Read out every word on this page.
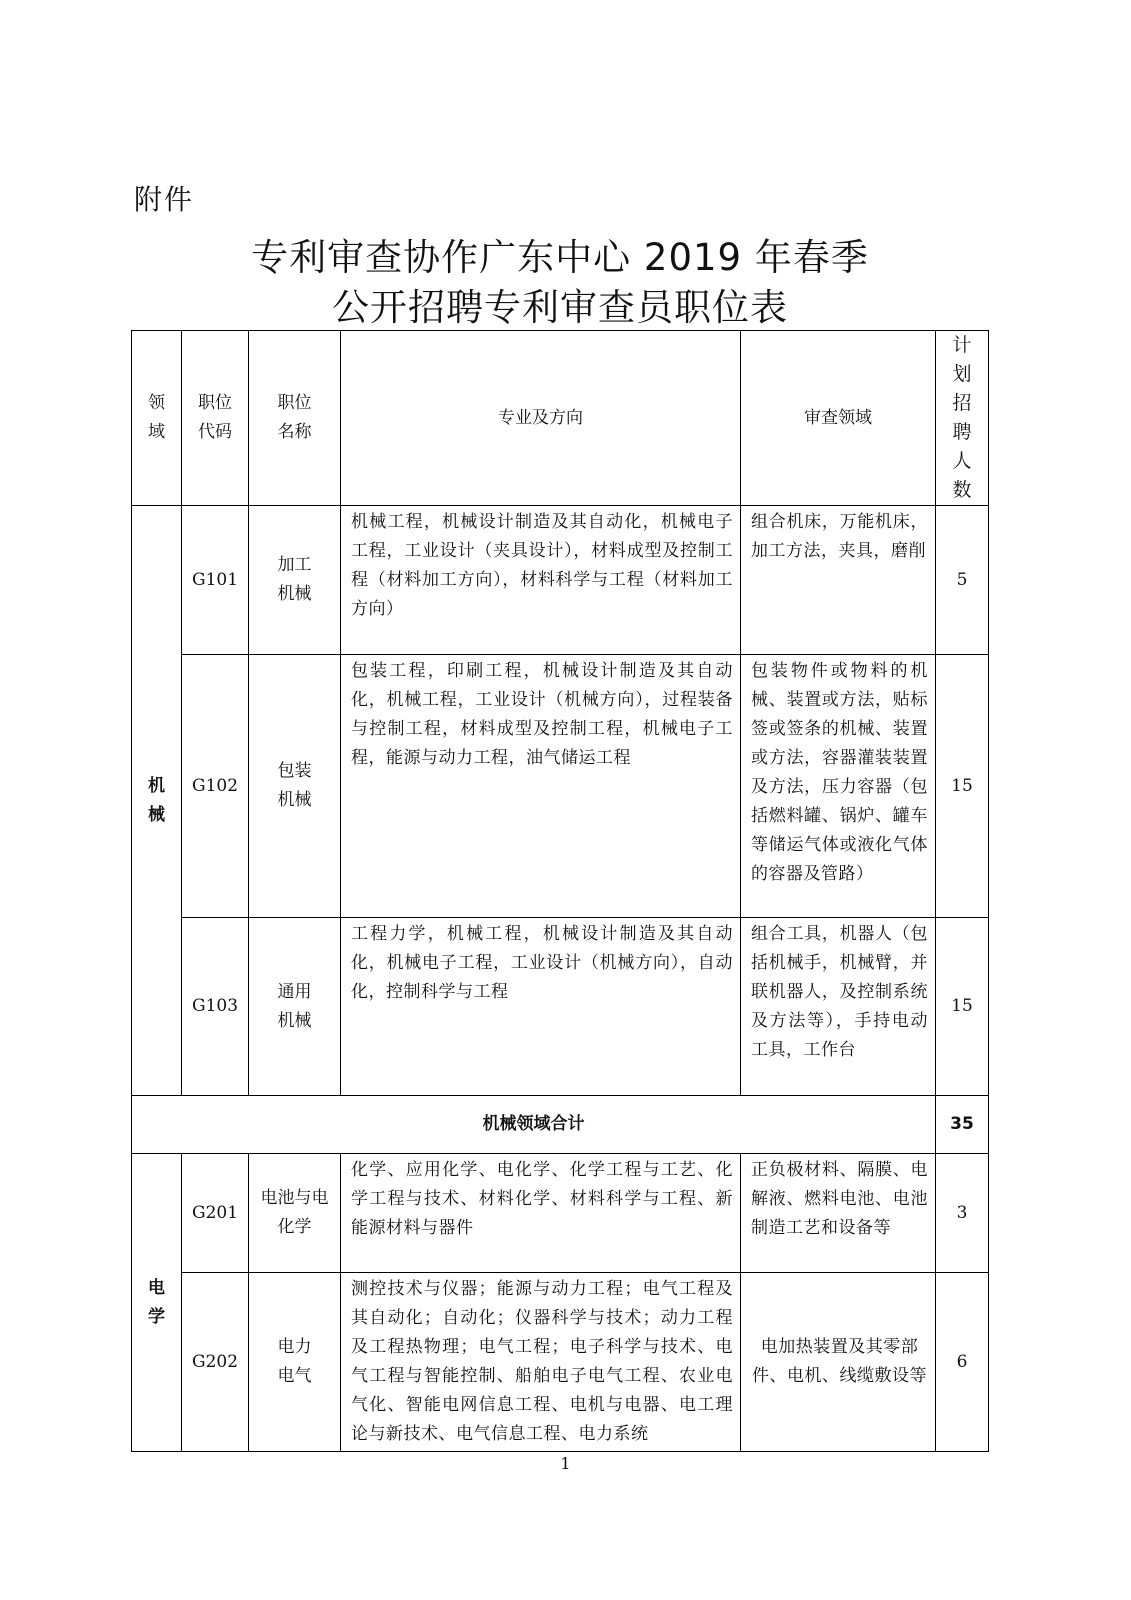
附件
专利审查协作广东中心 2019 年春季
公开招聘专利审查员职位表
领域	职位代码	职位名称	专业及方向	审查领域	计划招聘人数
机械	G101	加工机械	机械工程，机械设计制造及其自动化，机械电子工程，工业设计（夹具设计），材料成型及控制工程（材料加工方向），材料科学与工程（材料加工方向）	组合机床，万能机床，加工方法，夹具，磨削	5
	G102	包装机械	包装工程，印刷工程，机械设计制造及其自动化，机械工程，工业设计（机械方向），过程装备与控制工程，材料成型及控制工程，机械电子工程，能源与动力工程，油气储运工程	包装物件或物料的机械、装置或方法，贴标签或签条的机械、装置或方法，容器灌装装置及方法，压力容器（包括燃料罐、锅炉、罐车等储运气体或液化气体的容器及管路）	15
	G103	通用机械	工程力学，机械工程，机械设计制造及其自动化，机械电子工程，工业设计（机械方向），自动化，控制科学与工程	组合工具，机器人（包括机械手，机械臂，并联机器人，及控制系统及方法等），手持电动工具，工作台	15
机械领域合计					35
电学	G201	电池与电化学	化学、应用化学、电化学、化学工程与工艺、化学工程与技术、材料化学、材料科学与工程、新能源材料与器件	正负极材料、隔膜、电解液、燃料电池、电池制造工艺和设备等	3
	G202	电力电气	测控技术与仪器；能源与动力工程；电气工程及其自动化；自动化；仪器科学与技术；动力工程及工程热物理；电气工程；电子科学与技术、电气工程与智能控制、船舶电子电气工程、农业电气化、智能电网信息工程、电机与电器、电工理论与新技术、电气信息工程、电力系统	电加热装置及其零部件、电机、线缆敷设等	6
1
